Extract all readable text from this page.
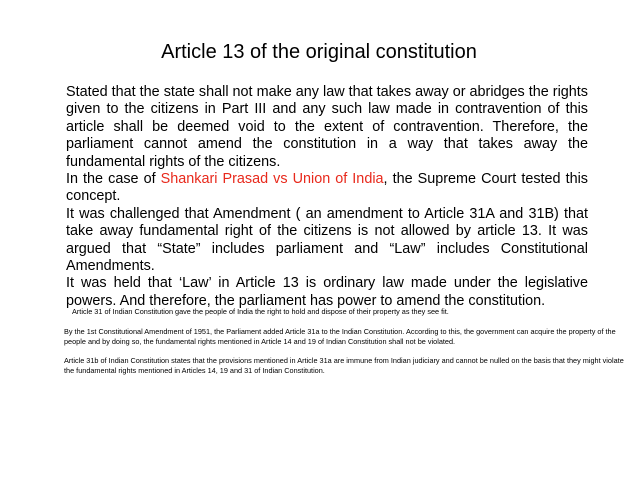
Article 13 of the original constitution

Stated that the state shall not make any law that takes away or abridges the rights given to the citizens in Part III and any such law made in contravention of this article shall be deemed void to the extent of contravention. Therefore, the parliament cannot amend the constitution in a way that takes away the fundamental rights of the citizens.

In the case of Shankari Prasad vs Union of India, the Supreme Court tested this concept.

It was challenged that Amendment ( an amendment to Article 31A and 31B) that take away fundamental right of the citizens is not allowed by article 13. It was argued that “State” includes parliament and “Law” includes Constitutional Amendments.

It was held that ‘Law’ in Article 13 is ordinary law made under the legislative powers. And therefore, the parliament has power to amend the constitution.

Article 31 of Indian Constitution gave the people of India the right to hold and dispose of their property as they see fit.

By the 1st Constitutional Amendment of 1951, the Parliament added Article 31a to the Indian Constitution. According to this, the government can acquire the property of the people and by doing so, the fundamental rights mentioned in Article 14 and 19 of Indian Constitution shall not be violated.

Article 31b of Indian Constitution states that the provisions mentioned in Article 31a are immune from Indian judiciary and cannot be nulled on the basis that they might violate the fundamental rights mentioned in Articles 14, 19 and 31 of Indian Constitution.
